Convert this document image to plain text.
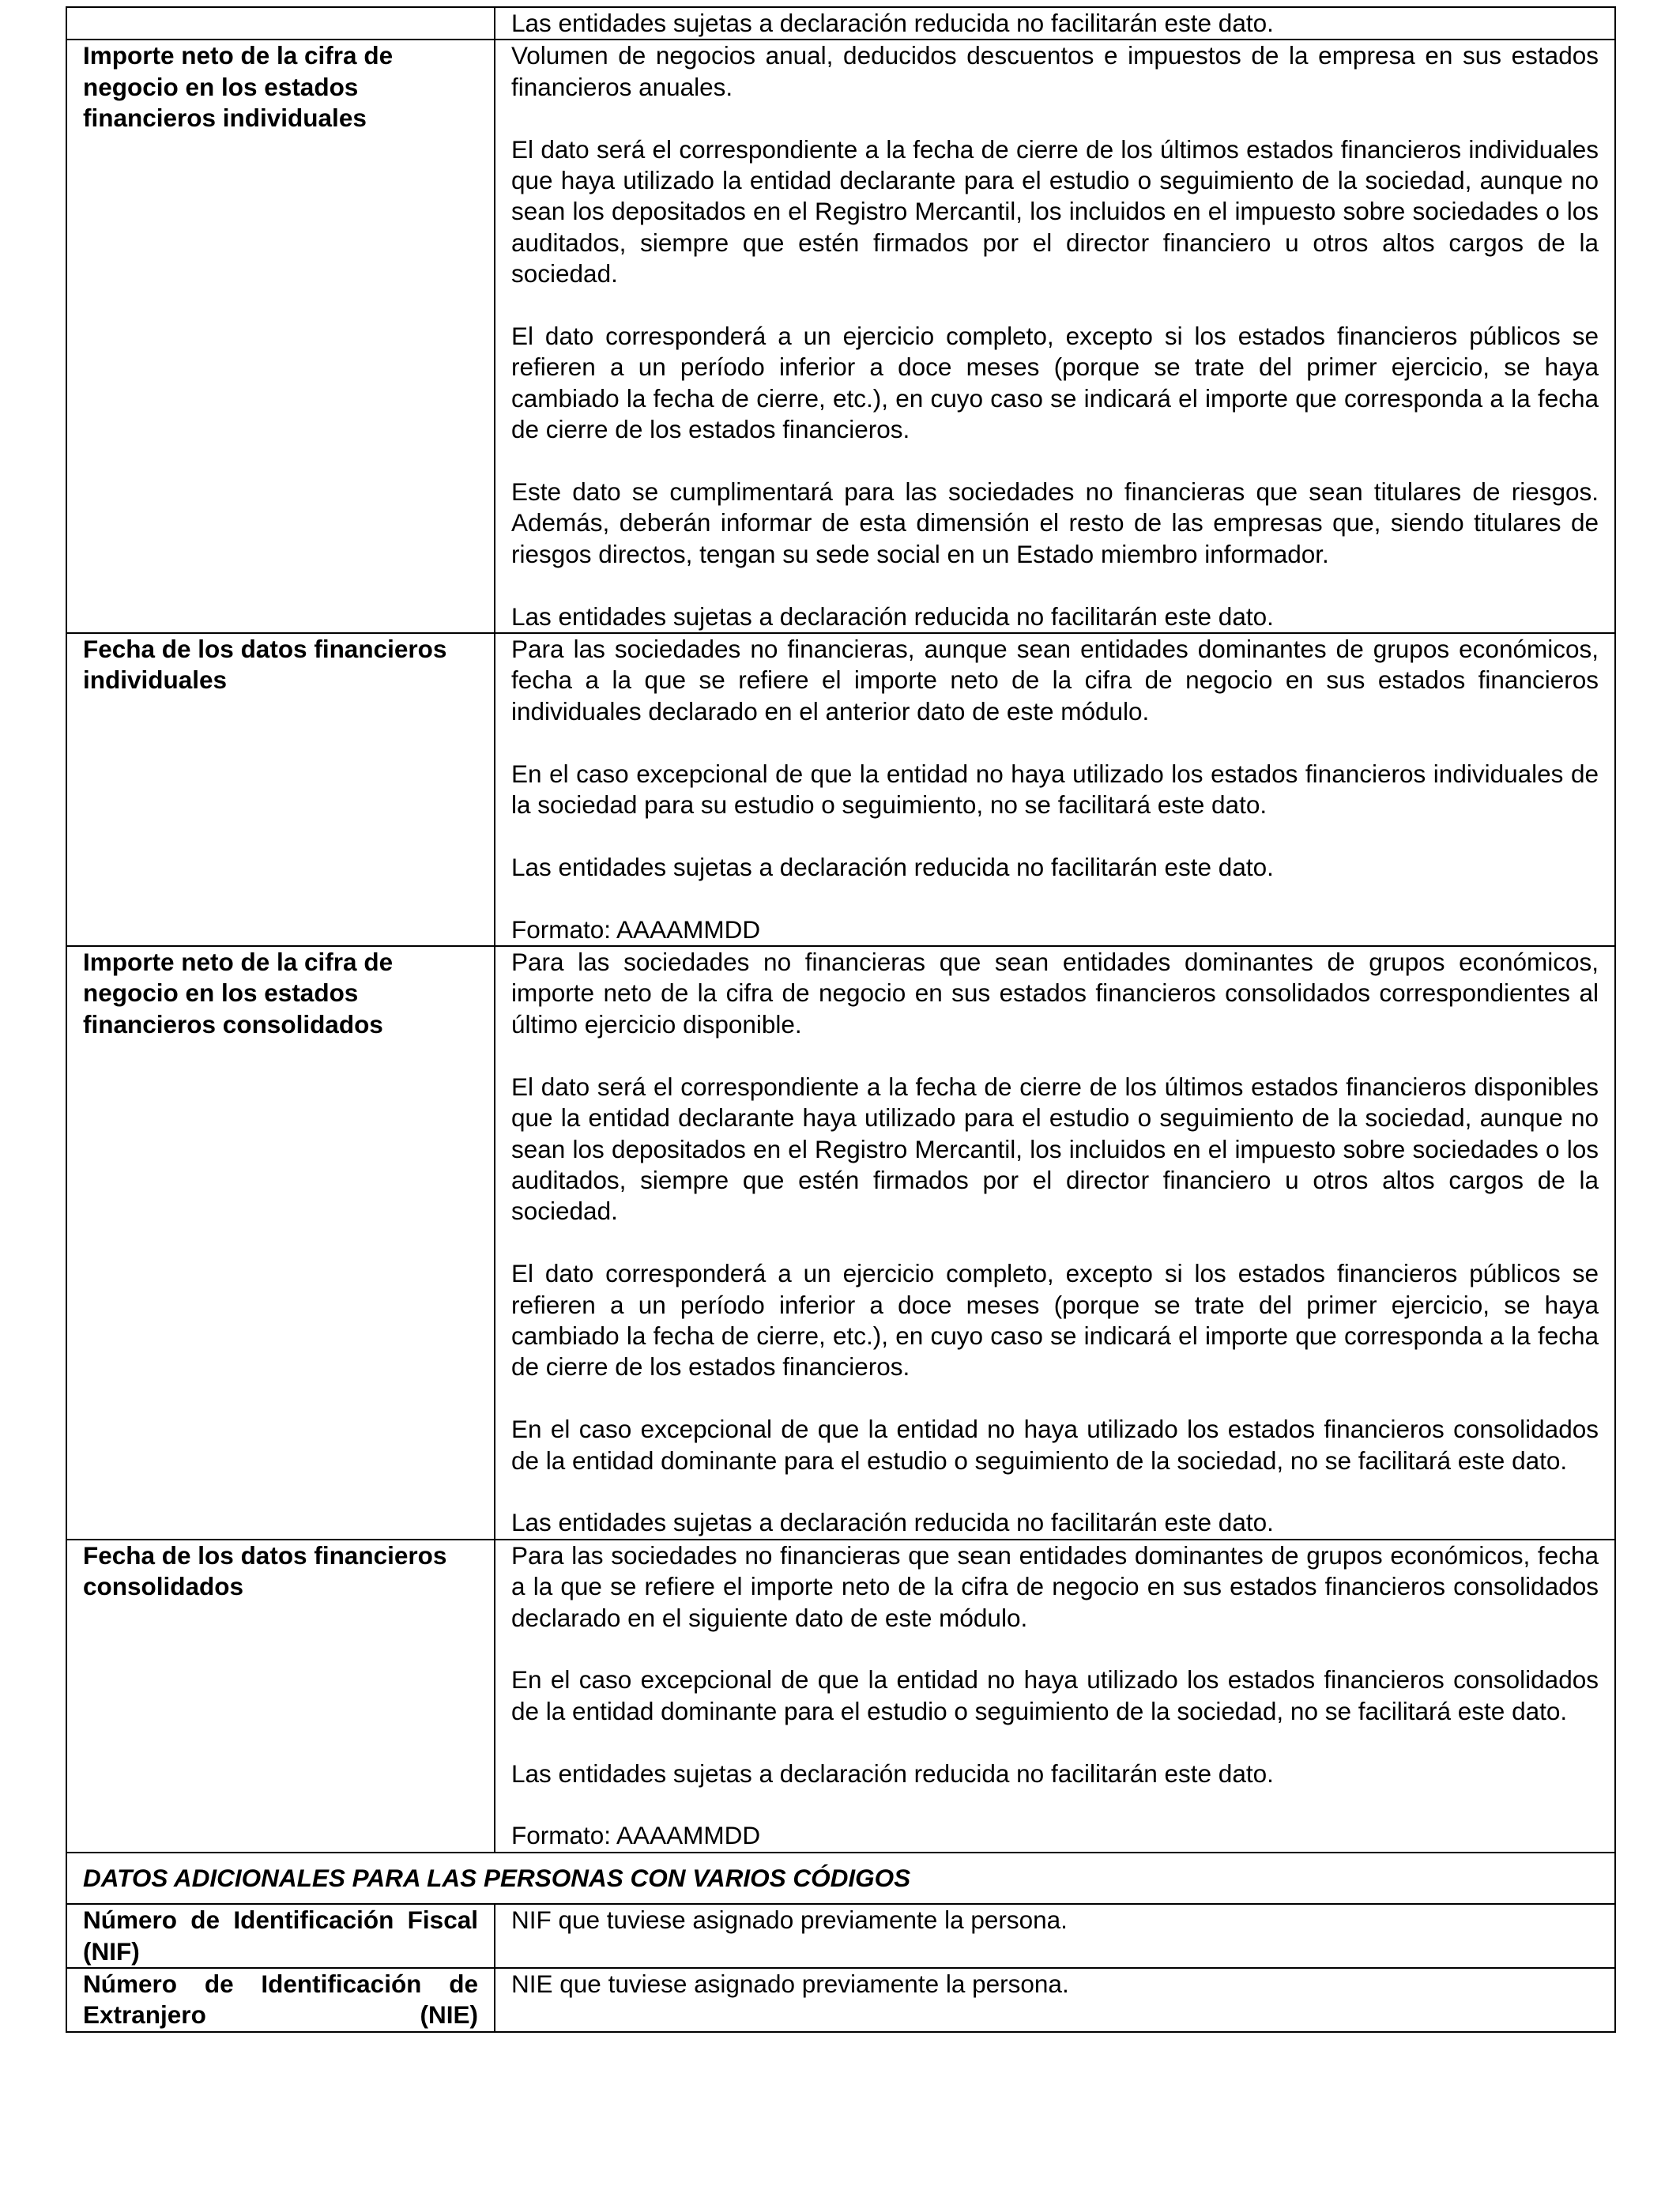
	Las entidades sujetas a declaración reducida no facilitarán este dato.

Importe neto de la cifra de negocio en los estados financieros individuales	Volumen de negocios anual, deducidos descuentos e impuestos de la empresa en sus estados financieros anuales.

El dato será el correspondiente a la fecha de cierre de los últimos estados financieros individuales que haya utilizado la entidad declarante para el estudio o seguimiento de la sociedad, aunque no sean los depositados en el Registro Mercantil, los incluidos en el impuesto sobre sociedades o los auditados, siempre que estén firmados por el director financiero u otros altos cargos de la sociedad.

El dato corresponderá a un ejercicio completo, excepto si los estados financieros públicos se refieren a un período inferior a doce meses (porque se trate del primer ejercicio, se haya cambiado la fecha de cierre, etc.), en cuyo caso se indicará el importe que corresponda a la fecha de cierre de los estados financieros.

Este dato se cumplimentará para las sociedades no financieras que sean titulares de riesgos. Además, deberán informar de esta dimensión el resto de las empresas que, siendo titulares de riesgos directos, tengan su sede social en un Estado miembro informador.

Las entidades sujetas a declaración reducida no facilitarán este dato.

Fecha de los datos financieros individuales	Para las sociedades no financieras, aunque sean entidades dominantes de grupos económicos, fecha a la que se refiere el importe neto de la cifra de negocio en sus estados financieros individuales declarado en el anterior dato de este módulo.

En el caso excepcional de que la entidad no haya utilizado los estados financieros individuales de la sociedad para su estudio o seguimiento, no se facilitará este dato.

Las entidades sujetas a declaración reducida no facilitarán este dato.

Formato: AAAAMMDD

Importe neto de la cifra de negocio en los estados financieros consolidados	Para las sociedades no financieras que sean entidades dominantes de grupos económicos, importe neto de la cifra de negocio en sus estados financieros consolidados correspondientes al último ejercicio disponible.

El dato será el correspondiente a la fecha de cierre de los últimos estados financieros disponibles que la entidad declarante haya utilizado para el estudio o seguimiento de la sociedad, aunque no sean los depositados en el Registro Mercantil, los incluidos en el impuesto sobre sociedades o los auditados, siempre que estén firmados por el director financiero u otros altos cargos de la sociedad.

El dato corresponderá a un ejercicio completo, excepto si los estados financieros públicos se refieren a un período inferior a doce meses (porque se trate del primer ejercicio, se haya cambiado la fecha de cierre, etc.), en cuyo caso se indicará el importe que corresponda a la fecha de cierre de los estados financieros.

En el caso excepcional de que la entidad no haya utilizado los estados financieros consolidados de la entidad dominante para el estudio o seguimiento de la sociedad, no se facilitará este dato.

Las entidades sujetas a declaración reducida no facilitarán este dato.

Fecha de los datos financieros consolidados	Para las sociedades no financieras que sean entidades dominantes de grupos económicos, fecha a la que se refiere el importe neto de la cifra de negocio en sus estados financieros consolidados declarado en el siguiente dato de este módulo.

En el caso excepcional de que la entidad no haya utilizado los estados financieros consolidados de la entidad dominante para el estudio o seguimiento de la sociedad, no se facilitará este dato.

Las entidades sujetas a declaración reducida no facilitarán este dato.

Formato: AAAAMMDD

DATOS ADICIONALES PARA LAS PERSONAS CON VARIOS CÓDIGOS	
Número de Identificación Fiscal (NIF)	NIF que tuviese asignado previamente la persona.
Número de Identificación de Extranjero (NIE)	NIE que tuviese asignado previamente la persona.
